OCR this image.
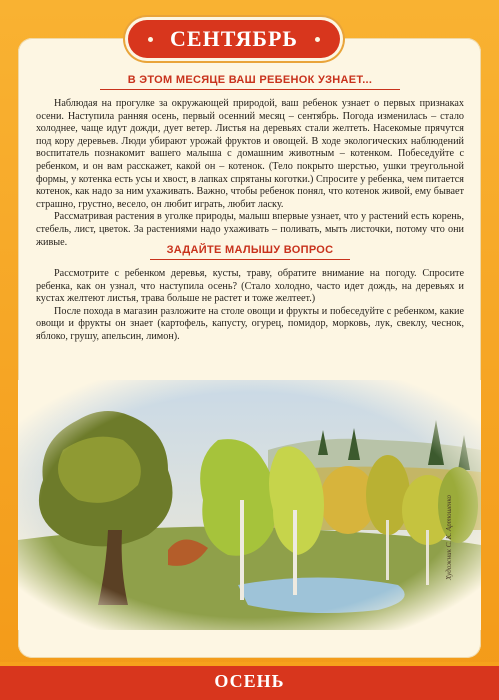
СЕНТЯБРЬ
В ЭТОМ МЕСЯЦЕ ВАШ РЕБЕНОК УЗНАЕТ...

Наблюдая на прогулке за окружающей природой, ваш ребенок узнает о первых признаках осени. Наступила ранняя осень, первый осенний месяц – сентябрь. Погода изменилась – стало холоднее, чаще идут дожди, дует ветер. Листья на деревьях стали желтеть. Насекомые прячутся под кору деревьев. Люди убирают урожай фруктов и овощей. В ходе экологических наблюдений воспитатель познакомит вашего малыша с домашним животным – котенком. Побеседуйте с ребенком, и он вам расскажет, какой он – котенок. (Тело покрыто шерстью, ушки треугольной формы, у котенка есть усы и хвост, в лапках спрятаны коготки.) Спросите у ребенка, чем питается котенок, как надо за ним ухаживать. Важно, чтобы ребенок понял, что котенок живой, ему бывает страшно, грустно, весело, он любит играть, любит ласку.

Рассматривая растения в уголке природы, малыш впервые узнает, что у растений есть корень, стебель, лист, цветок. За растениями надо ухаживать – поливать, мыть листочки, потому что они живые.

ЗАДАЙТЕ МАЛЫШУ ВОПРОС

Рассмотрите с ребенком деревья, кусты, траву, обратите внимание на погоду. Спросите ребенка, как он узнал, что наступила осень? (Стало холодно, часто идет дождь, на деревьях и кустах желтеют листья, трава больше не растет и тоже желтеет.)

После похода в магазин разложите на столе овощи и фрукты и побеседуйте с ребенком, какие овощи и фрукты он знает (картофель, капусту, огурец, помидор, морковь, лук, свеклу, чеснок, яблоко, грушу, апельсин, лимон).

Художник С. К. Артюшенко
ОСЕНЬ
